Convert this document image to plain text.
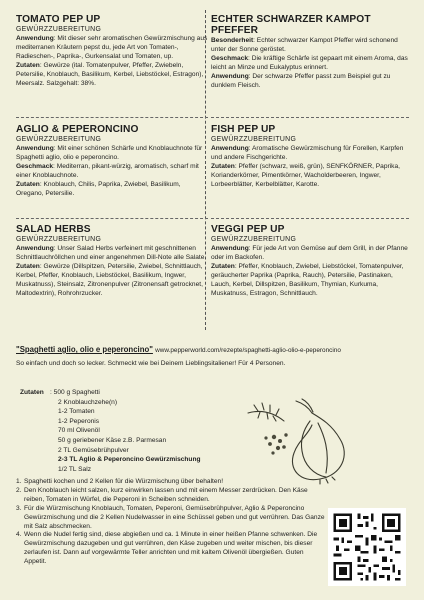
TOMATO PEP UP
GEWÜRZZUBEREITUNG

Anwendung: Mit dieser sehr aromatischen Gewürzmischung aus mediterranen Kräutern pepst du, jede Art von Tomaten-, Radieschen-, Paprika-, Gurkensalat und Tomaten, up.

Zutaten: Gewürze (ital. Tomatenpulver, Pfeffer, Zwiebeln, Petersilie, Knoblauch, Basilikum, Kerbel, Liebstöckel, Estragon), Meersalz. Salzgehalt: 38%.

AGLIO & PEPERONCINO
GEWÜRZZUBEREITUNG

Anwendung: Mit einer schönen Schärfe und Knoblauchnote für Spaghetti aglio, olio e peperoncino.

Geschmack: Mediterran, pikant-würzig, aromatisch, scharf mit einer Knoblauchnote.

Zutaten: Knoblauch, Chilis, Paprika, Zwiebel, Basilikum, Oregano, Petersilie.

SALAD HERBS
GEWÜRZZUBEREITUNG

Anwendung: Unser Salad Herbs verfeinert mit geschnittenen Schnittlauchröllchen und einer angenehmen Dill-Note alle Salate.

Zutaten: Gewürze (Dillspitzen, Petersilie, Zwiebel, Schnittlauch, Kerbel, Pfeffer, Knoblauch, Liebstöckel, Basilikum, Ingwer, Muskatnuss), Steinsalz, Zitronenpulver (Zitronensaft getrocknet, Maltodextrin), Rohrohrzucker.

ECHTER SCHWARZER KAMPOT PFEFFER

Besonderheit: Echter schwarzer Kampot Pfeffer wird schonend unter der Sonne geröstet.

Geschmack: Die kräftige Schärfe ist gepaart mit einem Aroma, das leicht an Minze und Eukalyptus erinnert.

Anwendung: Der schwarze Pfeffer passt zum Beispiel gut zu dunklem Fleisch.

FISH PEP UP
GEWÜRZZUBEREITUNG

Anwendung: Aromatische Gewürzmischung für Forellen, Karpfen und andere Fischgerichte.

Zutaten: Pfeffer (schwarz, weiß, grün), SENFKÖRNER, Paprika, Korianderkörner, Pimentkörner, Wacholderbeeren, Ingwer, Lorbeerblätter, Kerbelblätter, Karotte.

VEGGI PEP UP
GEWÜRZZUBEREITUNG

Anwendung: Für jede Art von Gemüse auf dem Grill, in der Pfanne oder im Backofen.

Zutaten: Pfeffer, Knoblauch, Zwiebel, Liebstöckel, Tomatenpulver, geräucherter Paprika (Paprika, Rauch), Petersilie, Pastinaken, Lauch, Kerbel, Dillspitzen, Basilikum, Thymian, Kurkuma, Muskatnuss, Estragon, Schnittlauch.

"Spaghetti aglio, olio e peperoncino" www.pepperworld.com/rezepte/spaghetti-aglio-olio-e-peperoncino
So einfach und doch so lecker. Schmeckt wie bei Deinem Lieblingsitaliener! Für 4 Personen.
Zutaten : 500 g Spaghetti
2 Knoblauchzehe(n)
1-2 Tomaten
1-2 Peperonis
70 ml Olivenöl
50 g geriebener Käse z.B. Parmesan
2 TL Gemüsebrühpulver
2-3 TL Aglio & Peperoncino Gewürzmischung
1/2 TL Salz
1. Spaghetti kochen und 2 Kellen für die Würzmischung über behalten!
2. Den Knoblauch leicht salzen, kurz einwirken lassen und mit einem Messer zerdrücken. Den Käse reiben, Tomaten in Würfel, die Peperoni in Scheiben schneiden.
3. Für die Würzmischung Knoblauch, Tomaten, Peperoni, Gemüsebrühpulver, Aglio & Peperoncino Gewürzmischung und die 2 Kellen Nudelwasser in eine Schüssel geben und gut verrühren. Das Ganze mit Salz abschmecken.
4. Wenn die Nudel fertig sind, diese abgießen und ca. 1 Minute in einer heißen Pfanne schwenken. Die Gewürzmischung dazugeben und gut verrühren, den Käse zugeben und weiter mischen, bis dieser zerlaufen ist. Dann auf vorgewärmte Teller anrichten und mit kaltem Olivenöl übergießen. Guten Appetit.
